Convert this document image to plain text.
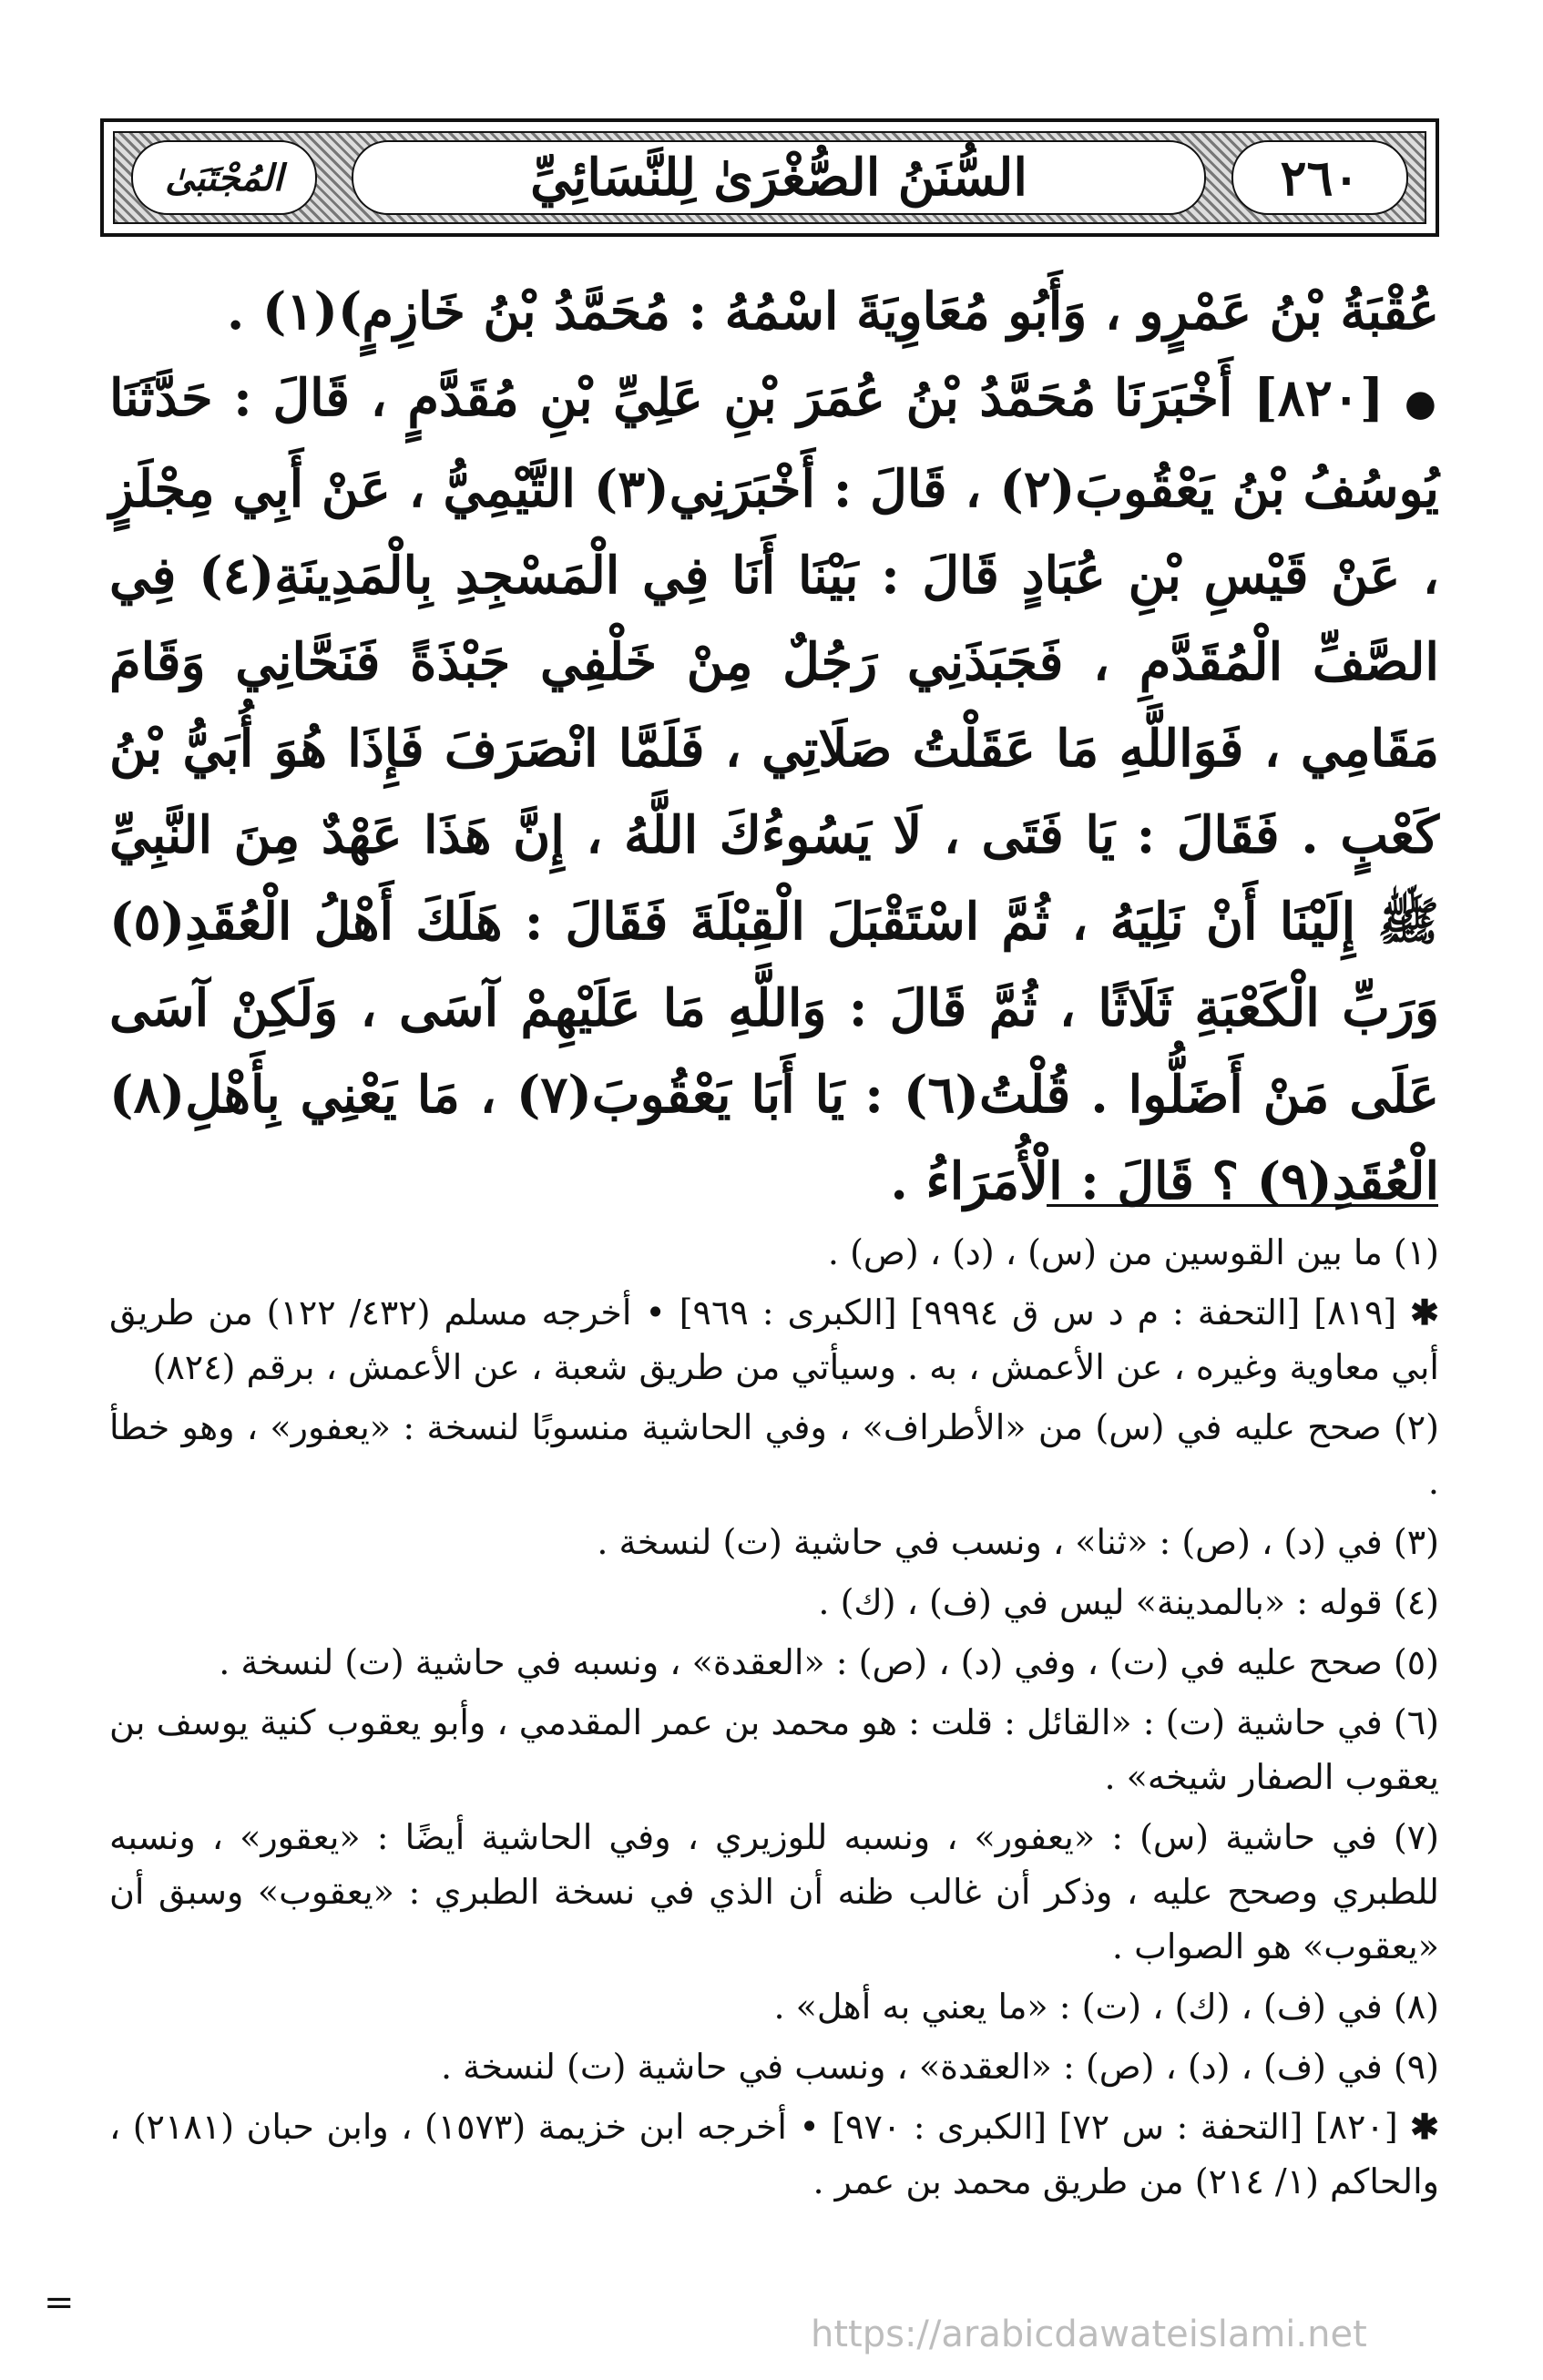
المُجْتَبَىٰ	السُّنَنُ الصُّغْرَىٰ لِلنَّسَائِيِّ	٢٦٠

عُقْبَةُ بْنُ عَمْرٍو ، وَأَبُو مُعَاوِيَةَ اسْمُهُ : مُحَمَّدُ بْنُ خَازِمٍ)(١) .

● [٨٢٠] أَخْبَرَنَا مُحَمَّدُ بْنُ عُمَرَ بْنِ عَلِيِّ بْنِ مُقَدَّمٍ ، قَالَ : حَدَّثَنَا يُوسُفُ بْنُ يَعْقُوبَ(٢) ، قَالَ : أَخْبَرَنِي(٣) التَّيْمِيُّ ، عَنْ أَبِي مِجْلَزٍ ، عَنْ قَيْسِ بْنِ عُبَادٍ قَالَ : بَيْنَا أَنَا فِي الْمَسْجِدِ بِالْمَدِينَةِ(٤) فِي الصَّفِّ الْمُقَدَّمِ ، فَجَبَذَنِي رَجُلٌ مِنْ خَلْفِي جَبْذَةً فَنَحَّانِي وَقَامَ مَقَامِي ، فَوَاللَّهِ مَا عَقَلْتُ صَلَاتِي ، فَلَمَّا انْصَرَفَ فَإِذَا هُوَ أُبَيُّ بْنُ كَعْبٍ . فَقَالَ : يَا فَتَى ، لَا يَسُوءُكَ اللَّهُ ، إِنَّ هَذَا عَهْدٌ مِنَ النَّبِيِّ ﷺ إِلَيْنَا أَنْ نَلِيَهُ ، ثُمَّ اسْتَقْبَلَ الْقِبْلَةَ فَقَالَ : هَلَكَ أَهْلُ الْعُقَدِ(٥) وَرَبِّ الْكَعْبَةِ ثَلَاثًا ، ثُمَّ قَالَ : وَاللَّهِ مَا عَلَيْهِمْ آسَى ، وَلَكِنْ آسَى عَلَى مَنْ أَضَلُّوا . قُلْتُ(٦) : يَا أَبَا يَعْقُوبَ(٧) ، مَا يَعْنِي بِأَهْلِ(٨) الْعُقَدِ(٩) ؟ قَالَ : الْأُمَرَاءُ .

(١) ما بين القوسين من (س) ، (د) ، (ص) .

✱ [٨١٩] [التحفة : م د س ق ٩٩٩٤] [الكبرى : ٩٦٩] • أخرجه مسلم (٤٣٢/ ١٢٢) من طريق أبي معاوية وغيره ، عن الأعمش ، به . وسيأتي من طريق شعبة ، عن الأعمش ، برقم (٨٢٤)

(٢) صحح عليه في (س) من «الأطراف» ، وفي الحاشية منسوبًا لنسخة : «يعفور» ، وهو خطأ .

(٣) في (د) ، (ص) : «ثنا» ، ونسب في حاشية (ت) لنسخة .

(٤) قوله : «بالمدينة» ليس في (ف) ، (ك) .

(٥) صحح عليه في (ت) ، وفي (د) ، (ص) : «العقدة» ، ونسبه في حاشية (ت) لنسخة .

(٦) في حاشية (ت) : «القائل : قلت : هو محمد بن عمر المقدمي ، وأبو يعقوب كنية يوسف بن يعقوب الصفار شيخه» .

(٧) في حاشية (س) : «يعفور» ، ونسبه للوزيري ، وفي الحاشية أيضًا : «يعقور» ، ونسبه للطبري وصحح عليه ، وذكر أن غالب ظنه أن الذي في نسخة الطبري : «يعقوب» وسبق أن «يعقوب» هو الصواب .

(٨) في (ف) ، (ك) ، (ت) : «ما يعني به أهل» .

(٩) في (ف) ، (د) ، (ص) : «العقدة» ، ونسب في حاشية (ت) لنسخة .

✱ [٨٢٠] [التحفة : س ٧٢] [الكبرى : ٩٧٠] • أخرجه ابن خزيمة (١٥٧٣) ، وابن حبان (٢١٨١) ، والحاكم (١/ ٢١٤) من طريق محمد بن عمر .

=
https://arabicdawateislami.net
